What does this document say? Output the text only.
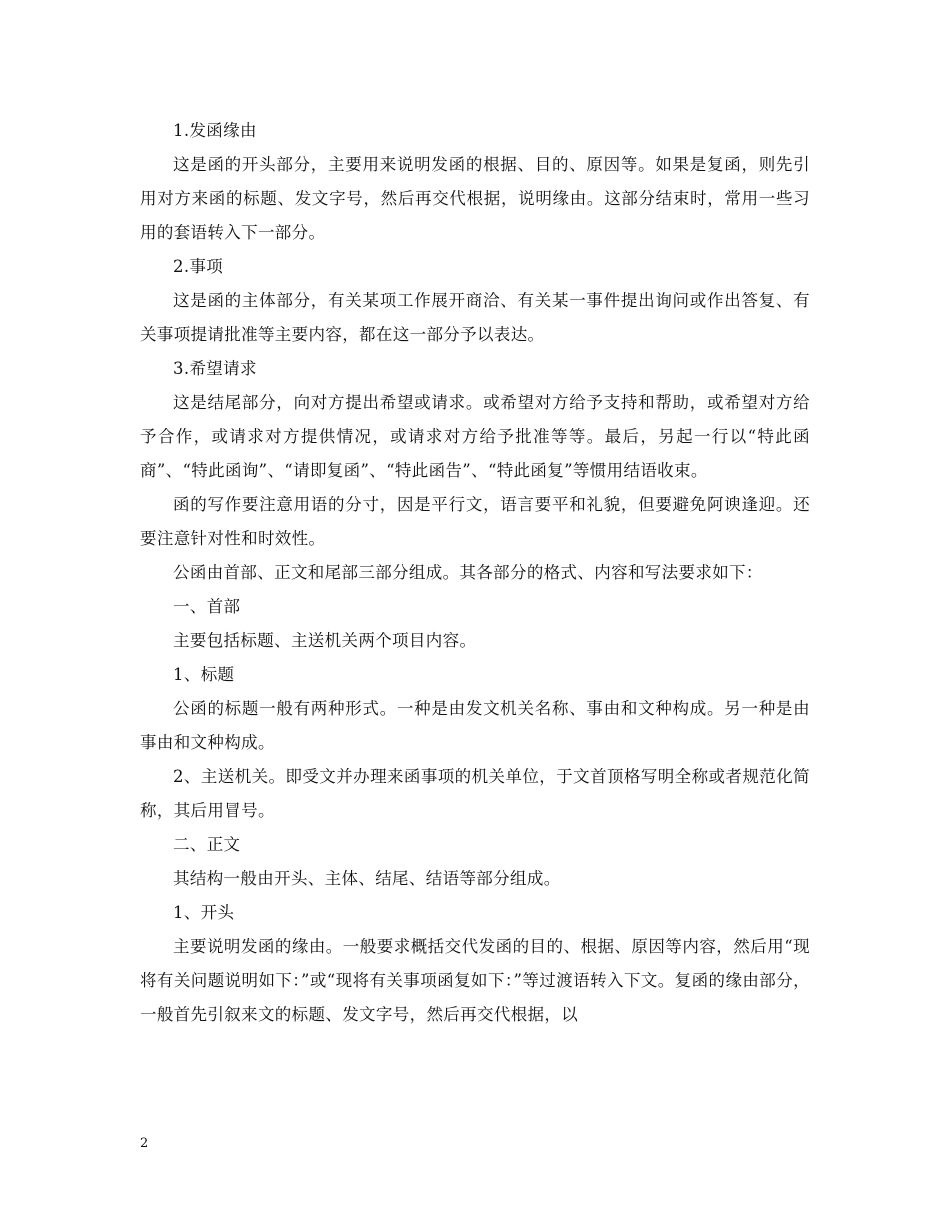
1.发函缘由

这是函的开头部分，主要用来说明发函的根据、目的、原因等。如果是复函，则先引用对方来函的标题、发文字号，然后再交代根据，说明缘由。这部分结束时，常用一些习用的套语转入下一部分。

2.事项

这是函的主体部分，有关某项工作展开商洽、有关某一事件提出询问或作出答复、有关事项提请批准等主要内容，都在这一部分予以表达。

3.希望请求

这是结尾部分，向对方提出希望或请求。或希望对方给予支持和帮助，或希望对方给予合作，或请求对方提供情况，或请求对方给予批准等等。最后，另起一行以“特此函商”、“特此函询”、“请即复函”、“特此函告”、“特此函复”等惯用结语收束。

函的写作要注意用语的分寸，因是平行文，语言要平和礼貌，但要避免阿谀逢迎。还要注意针对性和时效性。

公函由首部、正文和尾部三部分组成。其各部分的格式、内容和写法要求如下：

一、首部

主要包括标题、主送机关两个项目内容。

1、标题

公函的标题一般有两种形式。一种是由发文机关名称、事由和文种构成。另一种是由事由和文种构成。

2、主送机关。即受文并办理来函事项的机关单位，于文首顶格写明全称或者规范化简称，其后用冒号。

二、正文

其结构一般由开头、主体、结尾、结语等部分组成。

1、开头

主要说明发函的缘由。一般要求概括交代发函的目的、根据、原因等内容，然后用“现将有关问题说明如下：”或“现将有关事项函复如下：”等过渡语转入下文。复函的缘由部分，一般首先引叙来文的标题、发文字号，然后再交代根据，以

2
